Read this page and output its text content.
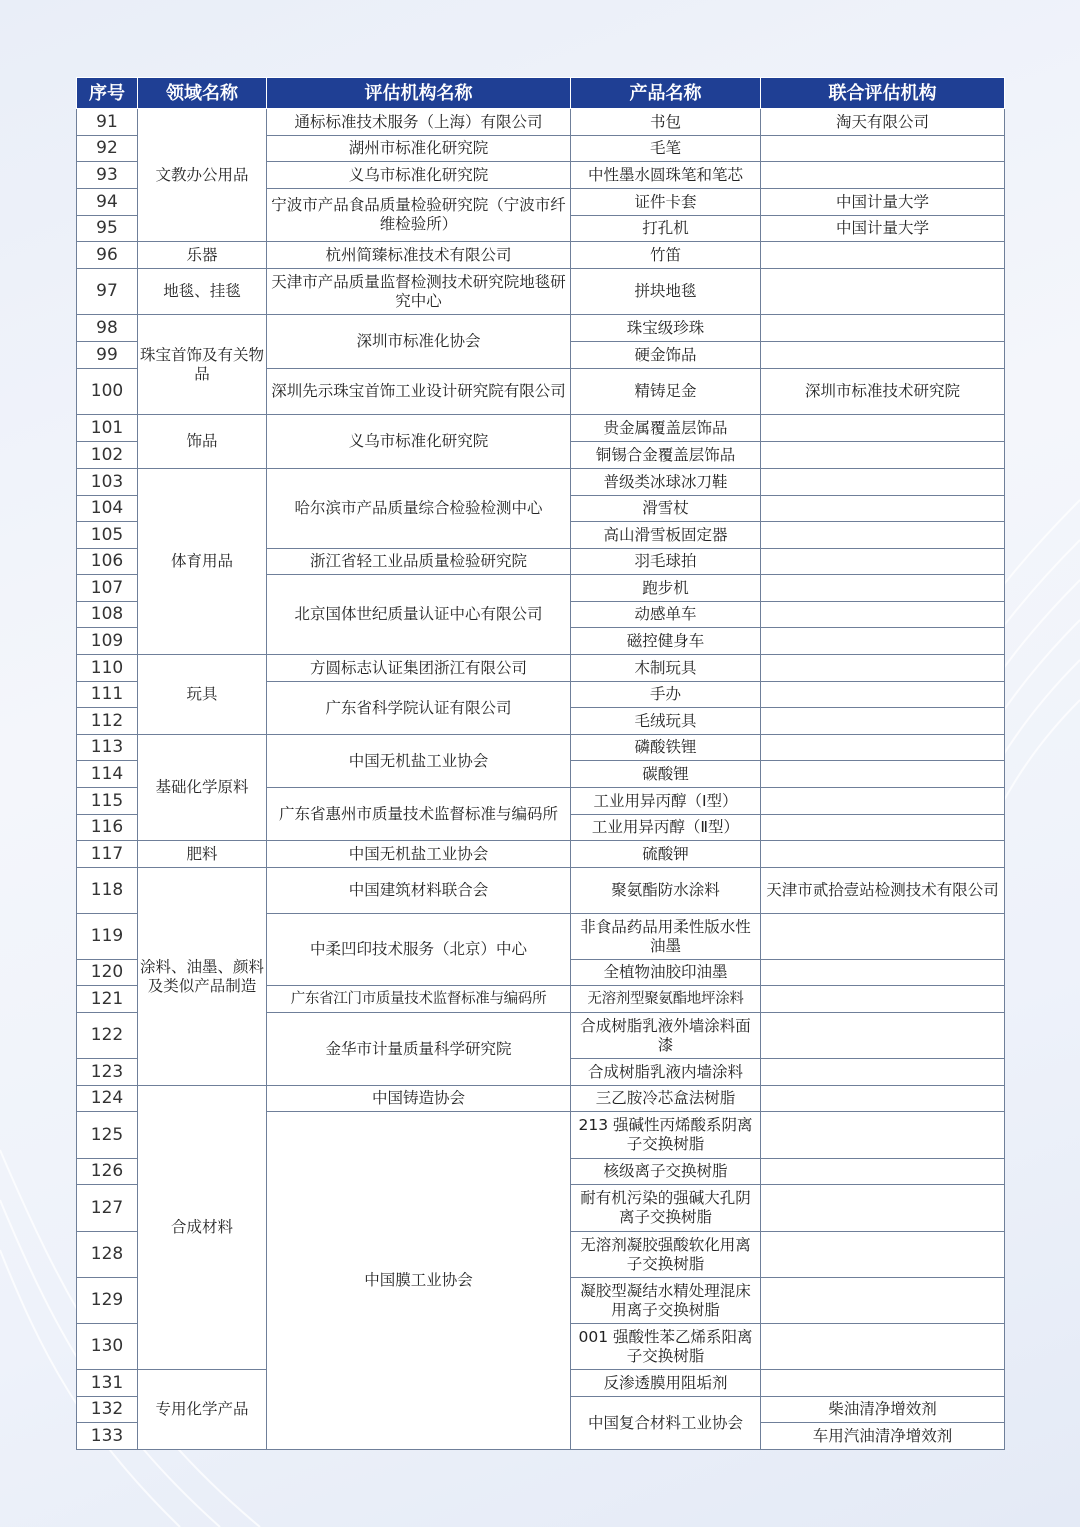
序号	领域名称	评估机构名称	产品名称	联合评估机构	
91	文教办公用品	通标标准技术服务（上海）有限公司	书包	淘天有限公司	
92		湖州市标准化研究院	毛笔		
93		义乌市标准化研究院	中性墨水圆珠笔和笔芯		
94		宁波市产品食品质量检验研究院（宁波市纤维检验所）	证件卡套	中国计量大学	
95			打孔机	中国计量大学	
96	乐器	杭州简臻标准技术有限公司	竹笛		
97	地毯、挂毯	天津市产品质量监督检测技术研究院地毯研究中心	拼块地毯		
98	珠宝首饰及有关物品	深圳市标准化协会	珠宝级珍珠		
99			硬金饰品		
100		深圳先示珠宝首饰工业设计研究院有限公司	精铸足金	深圳市标准技术研究院	
101	饰品	义乌市标准化研究院	贵金属覆盖层饰品		
102			铜锡合金覆盖层饰品		
103	体育用品	哈尔滨市产品质量综合检验检测中心	普级类冰球冰刀鞋		
104			滑雪杖		
105			高山滑雪板固定器		
106		浙江省轻工业品质量检验研究院	羽毛球拍		
107		北京国体世纪质量认证中心有限公司	跑步机		
108			动感单车		
109			磁控健身车		
110	玩具	方圆标志认证集团浙江有限公司	木制玩具		
111		广东省科学院认证有限公司	手办		
112			毛绒玩具		
113	基础化学原料	中国无机盐工业协会	磷酸铁锂		
114			碳酸锂		
115		广东省惠州市质量技术监督标准与编码所	工业用异丙醇（Ⅰ型）		
116			工业用异丙醇（Ⅱ型）		
117	肥料	中国无机盐工业协会	硫酸钾		
118	涂料、油墨、颜料及类似产品制造	中国建筑材料联合会	聚氨酯防水涂料	天津市贰拾壹站检测技术有限公司	
119		中柔凹印技术服务（北京）中心	非食品药品用柔性版水性油墨		
120			全植物油胶印油墨		
121		广东省江门市质量技术监督标准与编码所	无溶剂型聚氨酯地坪涂料		
122		金华市计量质量科学研究院	合成树脂乳液外墙涂料面漆		
123			合成树脂乳液内墙涂料		
124	合成材料	中国铸造协会	三乙胺冷芯盒法树脂		
125		中国膜工业协会	213 强碱性丙烯酸系阴离子交换树脂		
126			核级离子交换树脂		
127			耐有机污染的强碱大孔阴离子交换树脂		
128			无溶剂凝胶强酸软化用离子交换树脂		
129			凝胶型凝结水精处理混床用离子交换树脂		
130			001 强酸性苯乙烯系阳离子交换树脂		
131	专用化学产品		反渗透膜用阻垢剂		
132			中国复合材料工业协会	柴油清净增效剂	
133				车用汽油清净增效剂	
